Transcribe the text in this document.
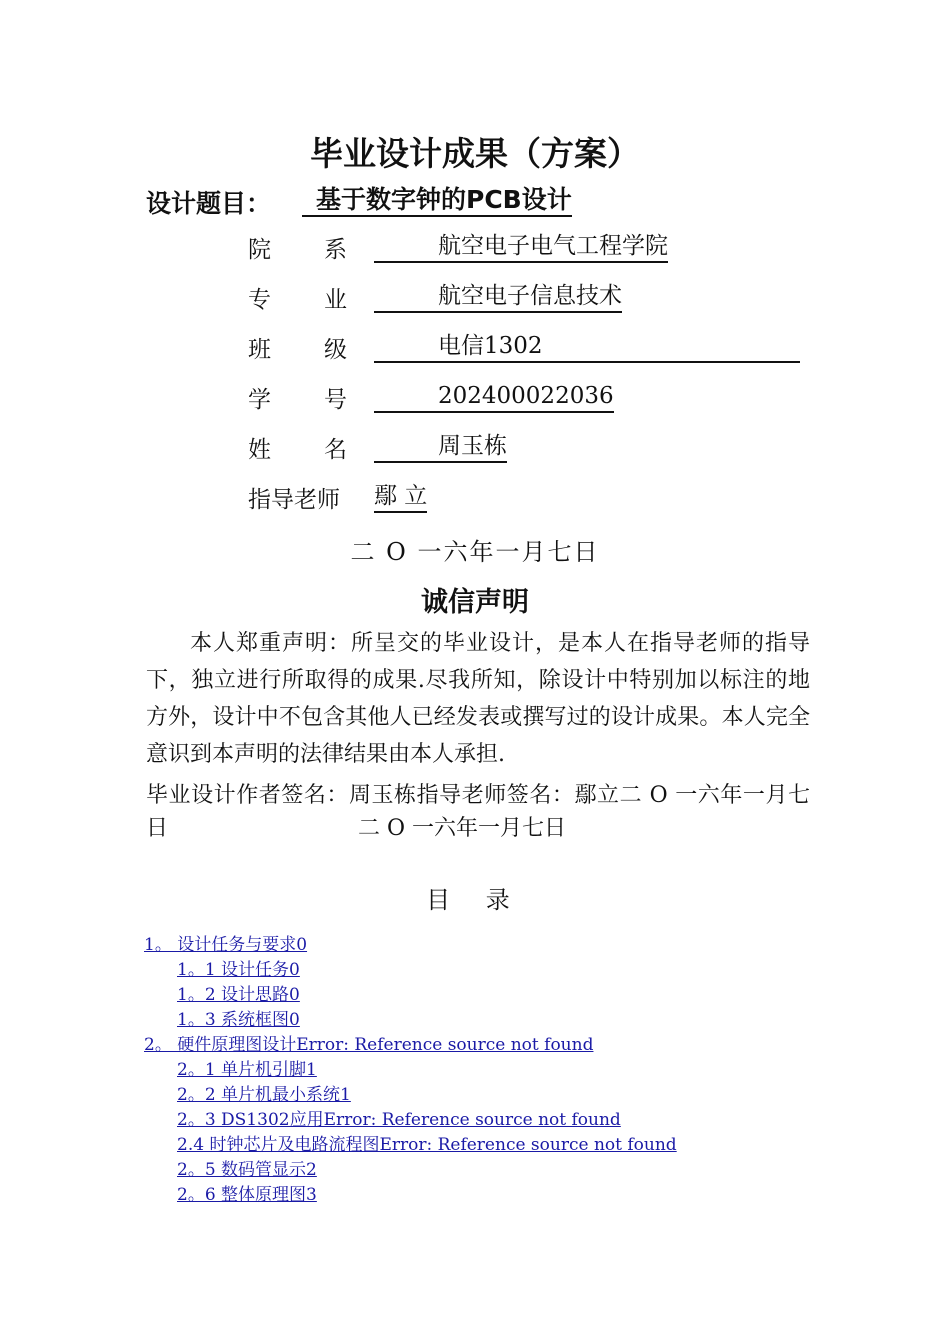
毕业设计成果（方案）
设计题目：	基于数字钟的PCB设计
院 系	航空电子电气工程学院
专 业	航空电子信息技术
班 级	电信1302
学 号	202400022036
姓 名	周玉栋
指导老师 鄢 立
二 O 一六年一月七日
诚信声明

本人郑重声明：所呈交的毕业设计，是本人在指导老师的指导下，独立进行所取得的成果.尽我所知，除设计中特别加以标注的地方外，设计中不包含其他人已经发表或撰写过的设计成果。本人完全意识到本声明的法律结果由本人承担.

毕业设计作者签名：周玉栋指导老师签名：鄢立二 O 一六年一月七日	二 O 一六年一月七日

目 录
1。 设计任务与要求0
1。1 设计任务0
1。2 设计思路0
1。3 系统框图0
2。 硬件原理图设计Error: Reference source not found
2。1 单片机引脚1
2。2 单片机最小系统1
2。3 DS1302应用Error: Reference source not found
2.4 时钟芯片及电路流程图Error: Reference source not found
2。5 数码管显示2
2。6 整体原理图3
